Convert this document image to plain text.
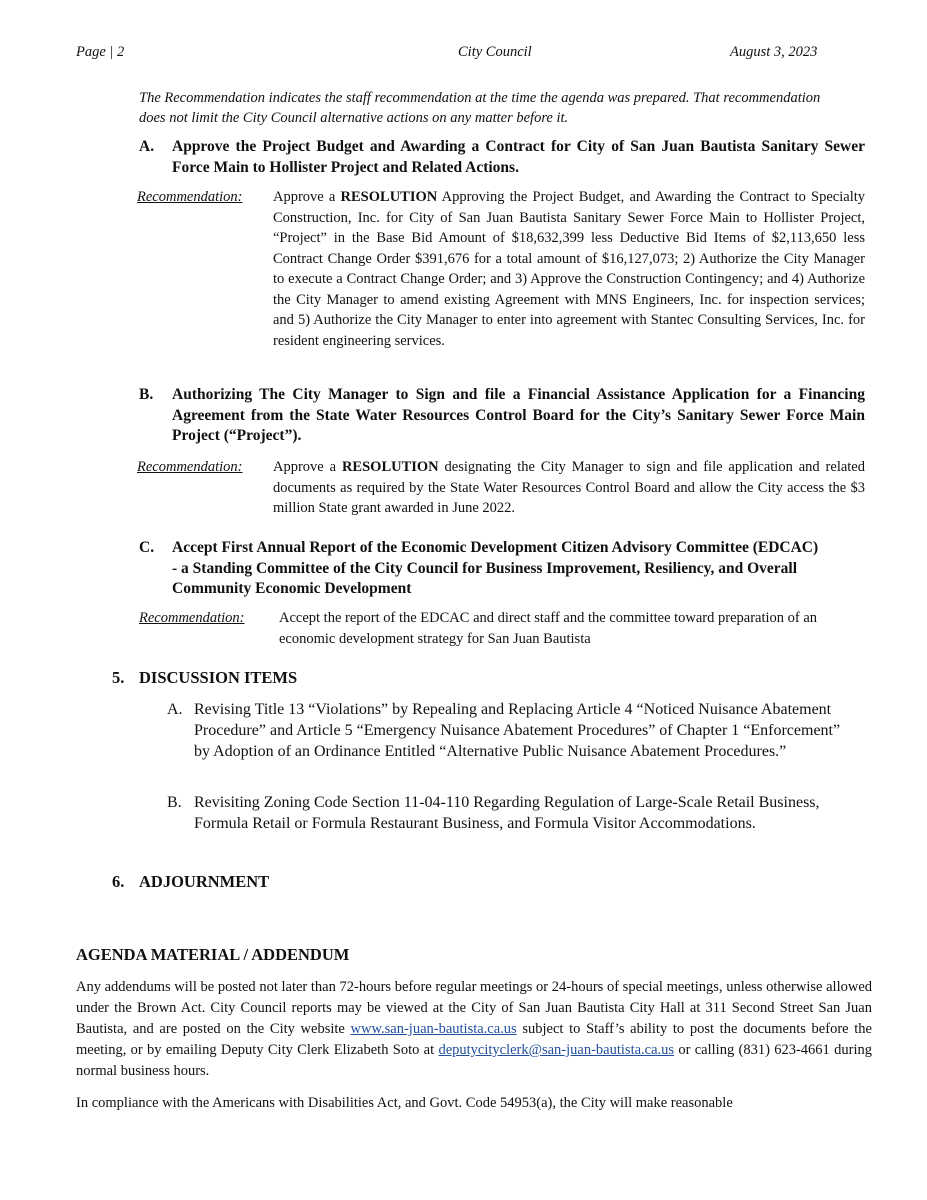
Page | 2	City Council	August 3, 2023
The Recommendation indicates the staff recommendation at the time the agenda was prepared. That recommendation does not limit the City Council alternative actions on any matter before it.
A. Approve the Project Budget and Awarding a Contract for City of San Juan Bautista Sanitary Sewer Force Main to Hollister Project and Related Actions.
Recommendation: Approve a RESOLUTION Approving the Project Budget, and Awarding the Contract to Specialty Construction, Inc. for City of San Juan Bautista Sanitary Sewer Force Main to Hollister Project, “Project” in the Base Bid Amount of $18,632,399 less Deductive Bid Items of $2,113,650 less Contract Change Order $391,676 for a total amount of $16,127,073; 2) Authorize the City Manager to execute a Contract Change Order; and 3) Approve the Construction Contingency; and 4) Authorize the City Manager to amend existing Agreement with MNS Engineers, Inc. for inspection services; and 5) Authorize the City Manager to enter into agreement with Stantec Consulting Services, Inc. for resident engineering services.
B. Authorizing The City Manager to Sign and file a Financial Assistance Application for a Financing Agreement from the State Water Resources Control Board for the City’s Sanitary Sewer Force Main Project (“Project”).
Recommendation: Approve a RESOLUTION designating the City Manager to sign and file application and related documents as required by the State Water Resources Control Board and allow the City access the $3 million State grant awarded in June 2022.
C. Accept First Annual Report of the Economic Development Citizen Advisory Committee (EDCAC) - a Standing Committee of the City Council for Business Improvement, Resiliency, and Overall Community Economic Development
Recommendation: Accept the report of the EDCAC and direct staff and the committee toward preparation of an economic development strategy for San Juan Bautista
5. DISCUSSION ITEMS
A. Revising Title 13 “Violations” by Repealing and Replacing Article 4 “Noticed Nuisance Abatement Procedure” and Article 5 “Emergency Nuisance Abatement Procedures” of Chapter 1 “Enforcement” by Adoption of an Ordinance Entitled “Alternative Public Nuisance Abatement Procedures.”
B. Revisiting Zoning Code Section 11-04-110 Regarding Regulation of Large-Scale Retail Business, Formula Retail or Formula Restaurant Business, and Formula Visitor Accommodations.
6. ADJOURNMENT
AGENDA MATERIAL / ADDENDUM
Any addendums will be posted not later than 72-hours before regular meetings or 24-hours of special meetings, unless otherwise allowed under the Brown Act. City Council reports may be viewed at the City of San Juan Bautista City Hall at 311 Second Street San Juan Bautista, and are posted on the City website www.san-juan-bautista.ca.us subject to Staff’s ability to post the documents before the meeting, or by emailing Deputy City Clerk Elizabeth Soto at deputycityclerk@san-juan-bautista.ca.us or calling (831) 623-4661 during normal business hours.
In compliance with the Americans with Disabilities Act, and Govt. Code 54953(a), the City will make reasonable
